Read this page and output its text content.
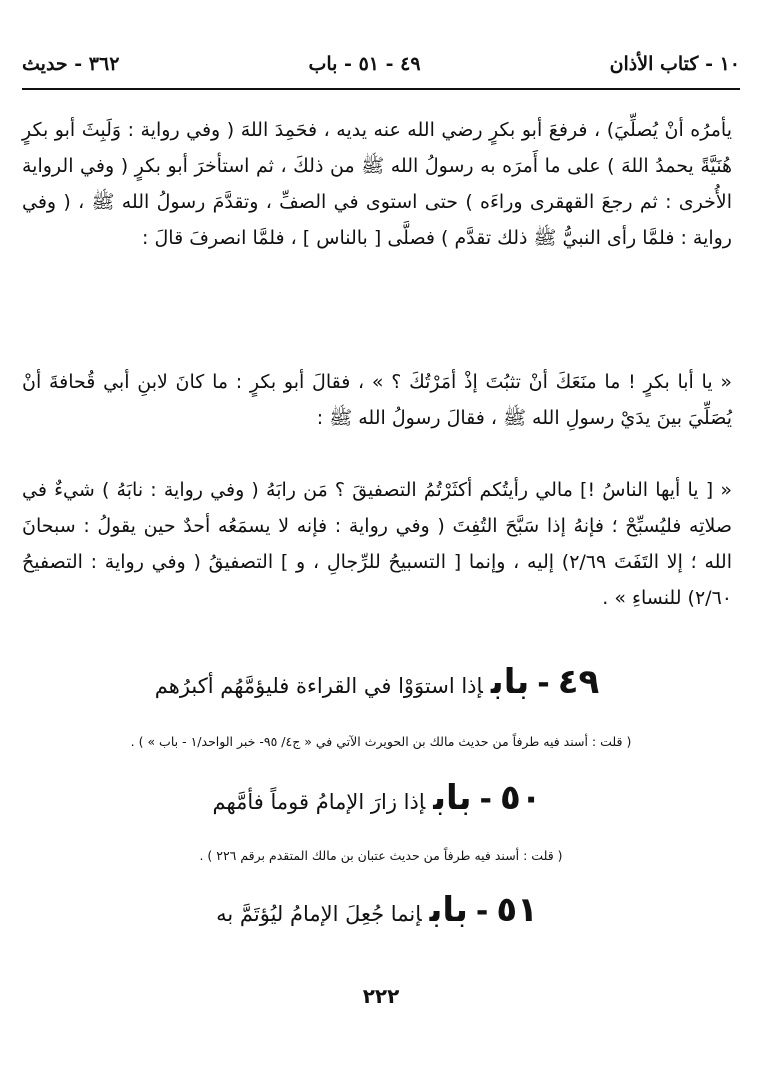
١٠ - كتاب الأذان
٤٩ - ٥١ - باب
٣٦٢ - حديث

يأمرُه أنْ يُصلِّيَ) ، فرفعَ أبو بكرٍ رضي الله عنه يديه ، فحَمِدَ اللهَ ( وفي رواية : وَلَبِثَ أبو بكرٍ هُنَيَّةً يحمدُ اللهَ ) على ما أَمرَه به رسولُ الله ﷺ من ذلكَ ، ثم استأخرَ أبو بكرٍ ( وفي الرواية الأُخرى : ثم رجعَ القهقرى وراءَه ) حتى استوى في الصفِّ ، وتقدَّمَ رسولُ الله ﷺ ، ( وفي رواية : فلمَّا رأى النبيُّ ﷺ ذلك تقدَّم ) فصلَّى [ بالناس ] ، فلمَّا انصرفَ قالَ :

« يا أبا بكرٍ ! ما منَعَكَ أنْ تثبُتَ إذْ أمَرْتُكَ ؟ » ، فقالَ أبو بكرٍ : ما كانَ لابنِ أبي قُحافةَ أنْ يُصَلِّيَ بينَ يدَيْ رسولِ الله ﷺ ، فقالَ رسولُ الله ﷺ :

« [ يا أيها الناسُ !] مالي رأيتُكم أكثَرْتُمُ التصفيقَ ؟ مَن رابَهُ ( وفي رواية : نابَهُ ) شيءٌ في صلاتِه فليُسبِّحْ ؛ فإنهُ إذا سَبَّحَ التُفِتَ ( وفي رواية : فإنه لا يسمَعُه أحدٌ حين يقولُ : سبحانَ الله ؛ إلا التَفَتَ ٢/٦٩) إليه ، وإنما [ التسبيحُ للرِّجالِ ، و ] التصفيقُ ( وفي رواية : التصفيحُ ٢/٦٠) للنساءِ » .

٤٩-بابإذا استوَوْا في القراءة فليؤمَّهُم أكبرُهم
( قلت : أسند فيه طرفاً من حديث مالك بن الحويرث الآتي في « ج٤/ ٩٥- خبر الواحد/١ - باب » ) .
٥٠-بابإذا زارَ الإمامُ قوماً فأمَّهم
( قلت : أسند فيه طرفاً من حديث عتبان بن مالك المتقدم برقم ٢٢٦ ) .
٥١-بابإنما جُعِلَ الإمامُ ليُؤتَمَّ به
٢٢٢
